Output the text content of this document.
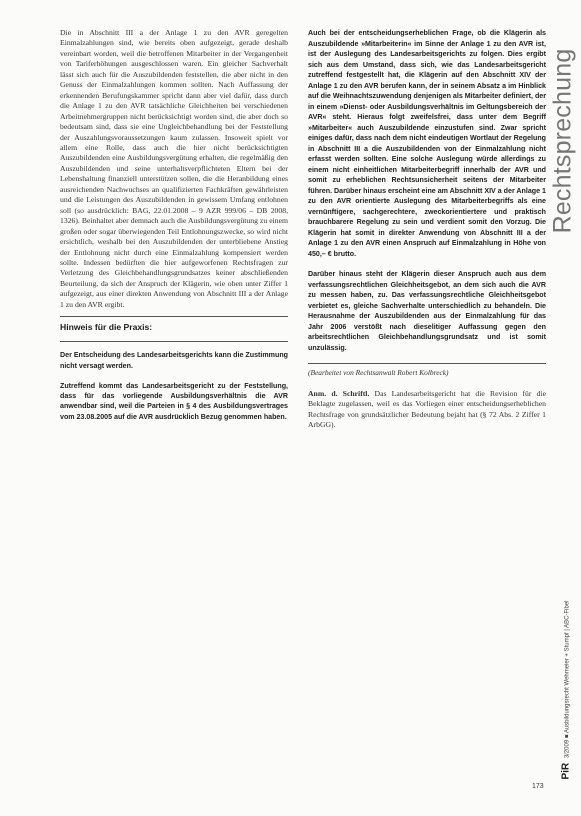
Die in Abschnitt III a der Anlage 1 zu den AVR geregelten Einmalzahlungen sind, wie bereits oben aufgezeigt, gerade deshalb vereinbart worden, weil die betroffenen Mitarbeiter in der Vergangenheit von Tariferhöhungen ausgeschlossen waren. Ein gleicher Sachverhalt lässt sich auch für die Auszubildenden feststellen, die aber nicht in den Genuss der Einmalzahlungen kommen sollten. Nach Auffassung der erkennenden Berufungskammer spricht dann aber viel dafür, dass durch die Anlage 1 zu den AVR tatsächliche Gleichheiten bei verschiedenen Arbeitnehmergruppen nicht berücksichtigt worden sind, die aber doch so bedeutsam sind, dass sie eine Ungleichbehandlung bei der Feststellung der Auszahlungsvoraussetzungen kaum zulassen. Insoweit spielt vor allem eine Rolle, dass auch die hier nicht berücksichtigten Auszubildenden eine Ausbildungsvergütung erhalten, die regelmäßig den Auszubildenden und seine unterhaltsverpflichteten Eltern bei der Lebenshaltung finanziell unterstützen sollen, die die Heranbildung eines ausreichenden Nachwuchses an qualifizierten Fachkräften gewährleisten und die Leistungen des Auszubildenden in gewissem Umfang entlohnen soll (so ausdrücklich: BAG, 22.01.2008 – 9 AZR 999/06 – DB 2008, 1326). Beinhaltet aber demnach auch die Ausbildungsvergütung zu einem großen oder sogar überwiegenden Teil Entlohnungszwecke, so wird nicht ersichtlich, weshalb bei den Auszubildenden der unterbliebene Anstieg der Entlohnung nicht durch eine Einmalzahlung kompensiert werden sollte. Indessen bedürften die hier aufgeworfenen Rechtsfragen zur Verletzung des Gleichbehandlungsgrundsatzes keiner abschließenden Beurteilung, da sich der Anspruch der Klägerin, wie oben unter Ziffer 1 aufgezeigt, aus einer direkten Anwendung von Abschnitt III a der Anlage 1 zu den AVR ergibt.

Hinweis für die Praxis:

Der Entscheidung des Landesarbeitsgerichts kann die Zustimmung nicht versagt werden.

Zutreffend kommt das Landesarbeitsgericht zu der Feststellung, dass für das vorliegende Ausbildungsverhältnis die AVR anwendbar sind, weil die Parteien in § 4 des Ausbildungsvertrages vom 23.08.2005 auf die AVR ausdrücklich Bezug genommen haben.

Auch bei der entscheidungserheblichen Frage, ob die Klägerin als Auszubildende »Mitarbeiterin« im Sinne der Anlage 1 zu den AVR ist, ist der Auslegung des Landesarbeitsgerichts zu folgen. Dies ergibt sich aus dem Umstand, dass sich, wie das Landesarbeitsgericht zutreffend festgestellt hat, die Klägerin auf den Abschnitt XIV der Anlage 1 zu den AVR berufen kann, der in seinem Absatz a im Hinblick auf die Weihnachtszuwendung denjenigen als Mitarbeiter definiert, der in einem »Dienst- oder Ausbildungsverhältnis im Geltungsbereich der AVR« steht. Hieraus folgt zweifelsfrei, dass unter dem Begriff »Mitarbeiter« auch Auszubildende einzustufen sind. Zwar spricht einiges dafür, dass nach dem nicht eindeutigen Wortlaut der Regelung in Abschnitt III a die Auszubildenden von der Einmalzahlung nicht erfasst werden sollten. Eine solche Auslegung würde allerdings zu einem nicht einheitlichen Mitarbeiterbegriff innerhalb der AVR und somit zu erheblichen Rechtsunsicherheit seitens der Mitarbeiter führen. Darüber hinaus erscheint eine am Abschnitt XIV a der Anlage 1 zu den AVR orientierte Auslegung des Mitarbeiterbegriffs als eine vernünftigere, sachgerechtere, zweckorientiertere und praktisch brauchbarere Regelung zu sein und verdient somit den Vorzug. Die Klägerin hat somit in direkter Anwendung von Abschnitt III a der Anlage 1 zu den AVR einen Anspruch auf Einmalzahlung in Höhe von 450,– € brutto.

Darüber hinaus steht der Klägerin dieser Anspruch auch aus dem verfassungsrechtlichen Gleichheitsgebot, an dem sich auch die AVR zu messen haben, zu. Das verfassungsrechtliche Gleichheitsgebot verbietet es, gleiche Sachverhalte unterschiedlich zu behandeln. Die Herausnahme der Auszubildenden aus der Einmalzahlung für das Jahr 2006 verstößt nach dieselitiger Auffassung gegen den arbeitsrechtlichen Gleichbehandlungsgrundsatz und ist somit unzulässig.

(Bearbeitet von Rechtsanwalt Robert Kolbreck)

Anm. d. Schriftl. Das Landesarbeitsgericht hat die Revision für die Beklagte zugelassen, weil es das Vorliegen einer entscheidungserheblichen Rechtsfrage von grundsätzlicher Bedeutung bejaht hat (§ 72 Abs. 2 Ziffer 1 ArbGG).

Rechtsprechung
PiR 3/2009 ■ Ausbildungsrecht Wehmeier + Stumpf | ABC-Fibel
173
